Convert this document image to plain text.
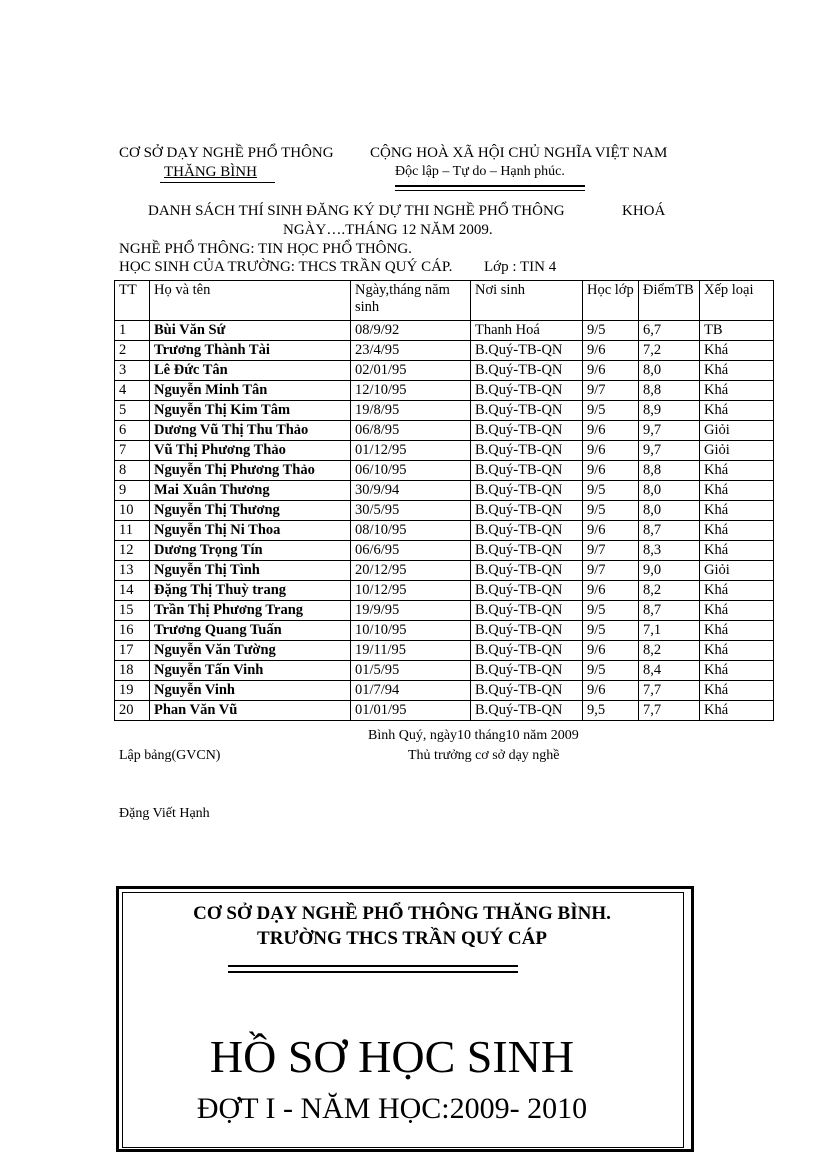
CƠ SỞ DẠY NGHỀ PHỔ THÔNG
THĂNG BÌNH
CỘNG HOÀ XÃ HỘI CHỦ NGHĨA VIỆT NAM
Độc lập – Tự do – Hạnh phúc.
DANH SÁCH THÍ SINH ĐĂNG KÝ DỰ THI NGHỀ PHỔ THÔNG	KHOÁ
NGÀY….THÁNG 12 NĂM 2009.
NGHỀ PHỔ THÔNG: TIN HỌC PHỔ THÔNG.
HỌC SINH CỦA TRƯỜNG: THCS TRẦN QUÝ CÁP. Lớp : TIN 4
TT	Họ và tên	Ngày,tháng năm sinh	Nơi sinh	Học lớp	ĐiểmTB	Xếp loại
1	Bùi Văn Sứ	08/9/92	Thanh Hoá	9/5	6,7	TB
2	Trương Thành Tài	23/4/95	B.Quý-TB-QN	9/6	7,2	Khá
3	Lê Đức Tân	02/01/95	B.Quý-TB-QN	9/6	8,0	Khá
4	Nguyễn Minh Tân	12/10/95	B.Quý-TB-QN	9/7	8,8	Khá
5	Nguyễn Thị Kim Tâm	19/8/95	B.Quý-TB-QN	9/5	8,9	Khá
6	Dương Vũ Thị Thu Thảo	06/8/95	B.Quý-TB-QN	9/6	9,7	Giỏi
7	Vũ Thị Phương Thảo	01/12/95	B.Quý-TB-QN	9/6	9,7	Giỏi
8	Nguyễn Thị Phương Thảo	06/10/95	B.Quý-TB-QN	9/6	8,8	Khá
9	Mai Xuân Thương	30/9/94	B.Quý-TB-QN	9/5	8,0	Khá
10	Nguyễn Thị Thương	30/5/95	B.Quý-TB-QN	9/5	8,0	Khá
11	Nguyễn Thị Ni Thoa	08/10/95	B.Quý-TB-QN	9/6	8,7	Khá
12	Dương Trọng Tín	06/6/95	B.Quý-TB-QN	9/7	8,3	Khá
13	Nguyễn Thị Tình	20/12/95	B.Quý-TB-QN	9/7	9,0	Giỏi
14	Đặng Thị Thuỳ trang	10/12/95	B.Quý-TB-QN	9/6	8,2	Khá
15	Trần Thị Phương Trang	19/9/95	B.Quý-TB-QN	9/5	8,7	Khá
16	Trương Quang Tuấn	10/10/95	B.Quý-TB-QN	9/5	7,1	Khá
17	Nguyễn Văn Tường	19/11/95	B.Quý-TB-QN	9/6	8,2	Khá
18	Nguyễn Tấn Vinh	01/5/95	B.Quý-TB-QN	9/5	8,4	Khá
19	Nguyễn Vinh	01/7/94	B.Quý-TB-QN	9/6	7,7	Khá
20	Phan Văn Vũ	01/01/95	B.Quý-TB-QN	9,5	7,7	Khá
Bình Quý, ngày10 tháng10 năm 2009
Lập bảng(GVCN)	Thủ trưởng cơ sở dạy nghề
Đặng Viết Hạnh
CƠ SỞ DẠY NGHỀ PHỔ THÔNG THĂNG BÌNH.
TRƯỜNG THCS TRẦN QUÝ CÁP
HỒ SƠ HỌC SINH
ĐỢT I - NĂM HỌC:2009- 2010
